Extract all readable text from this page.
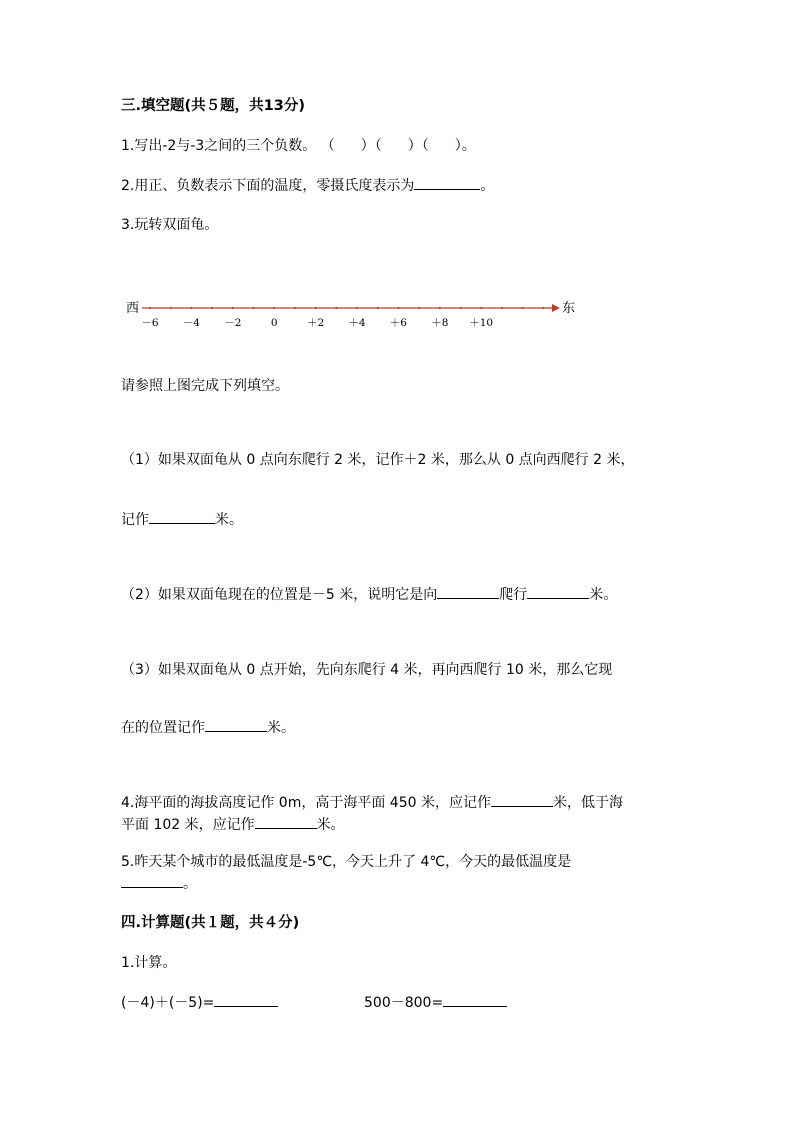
三.填空题(共５题，共13分)
1.写出-2与-3之间的三个负数。 （ ）（ ）（ ）。
2.用正、负数表示下面的温度，零摄氏度表示为	。
3.玩转双面龟。
西
－6 －4 －2	0	＋2 ＋4 ＋6 ＋8 ＋10
东
请参照上图完成下列填空。
（1）如果双面龟从 0 点向东爬行 2 米，记作＋2 米，那么从 0 点向西爬行 2 米，
记作	米。
（2）如果双面龟现在的位置是－5 米，说明它是向	爬行	米。
（3）如果双面龟从 0 点开始，先向东爬行 4 米，再向西爬行 10 米，那么它现
在的位置记作	米。
4.海平面的海拔高度记作 0m，高于海平面 450 米，应记作	米，低于海
平面 102 米，应记作	米。
5.昨天某个城市的最低温度是-5℃，今天上升了 4℃，今天的最低温度是
。
四.计算题(共１题，共４分)
1.计算。
(－4)＋(－5)=	500－800=
